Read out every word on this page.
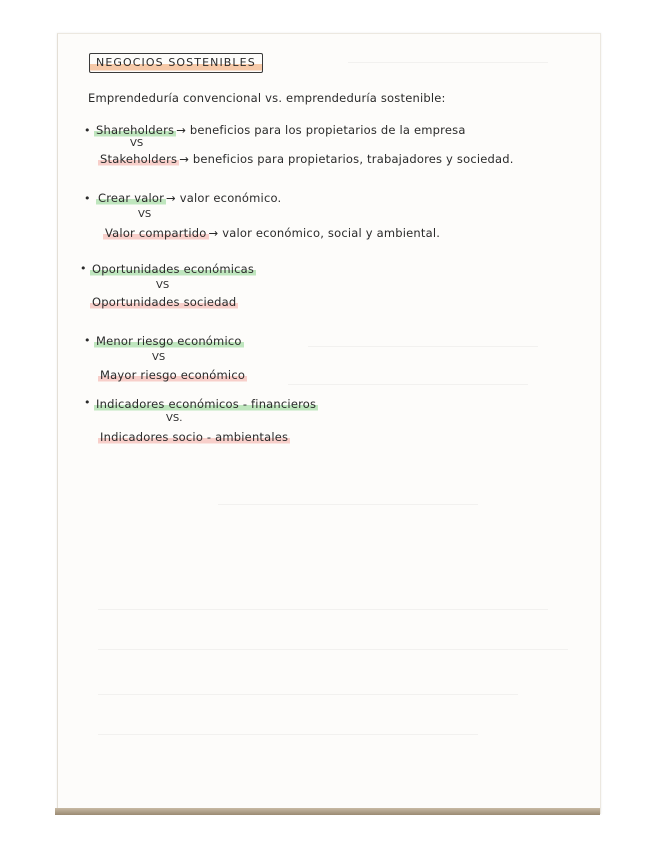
NEGOCIOS SOSTENIBLES
Emprendeduría convencional vs. emprendeduría sostenible:
• Shareholders → beneficios para los propietarios de la empresa
VS
Stakeholders → beneficios para propietarios, trabajadores y sociedad.
• Crear valor → valor económico.
VS
Valor compartido → valor económico, social y ambiental.
• Oportunidades económicas
VS
Oportunidades sociedad
• Menor riesgo económico
VS
Mayor riesgo económico
• Indicadores económicos - financieros
VS.
Indicadores socio - ambientales
